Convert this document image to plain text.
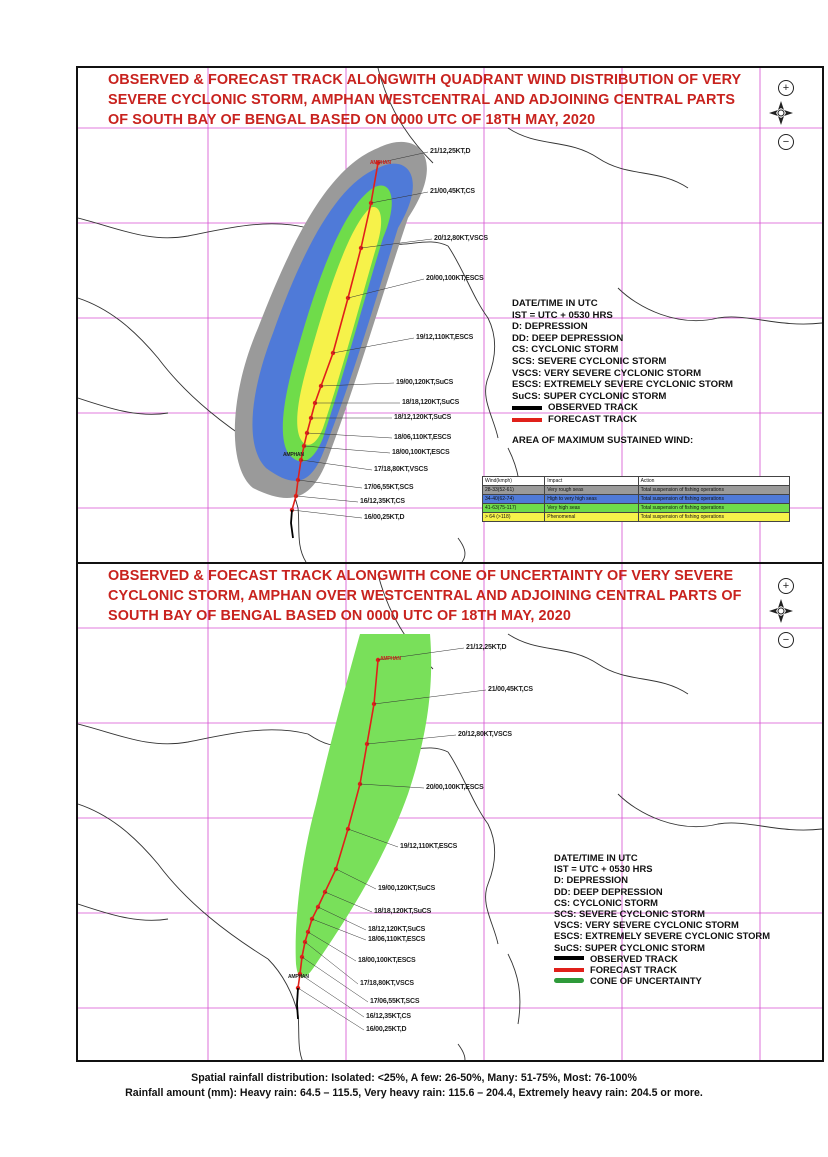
OBSERVED & FORECAST TRACK ALONGWITH QUADRANT WIND DISTRIBUTION OF VERY
SEVERE CYCLONIC STORM, AMPHAN WESTCENTRAL AND ADJOINING CENTRAL PARTS
OF SOUTH BAY OF BENGAL BASED ON 0000 UTC OF 18TH MAY, 2020
+
−
21/12,25KT,D
21/00,45KT,CS
20/12,80KT,VSCS
20/00,100KT,ESCS
19/12,110KT,ESCS
19/00,120KT,SuCS
18/18,120KT,SuCS
18/12,120KT,SuCS
18/06,110KT,ESCS
18/00,100KT,ESCS
17/18,80KT,VSCS
17/06,55KT,SCS
16/12,35KT,CS
16/00,25KT,D
AMPHAN
AMPHAN
DATE/TIME IN UTC
IST = UTC + 0530 HRS
D: DEPRESSION
DD: DEEP DEPRESSION
CS: CYCLONIC STORM
SCS: SEVERE CYCLONIC STORM
VSCS: VERY SEVERE CYCLONIC STORM
ESCS: EXTREMELY SEVERE CYCLONIC STORM
SuCS: SUPER CYCLONIC STORM
OBSERVED TRACK
FORECAST TRACK
AREA OF MAXIMUM SUSTAINED WIND:
Wind(kmph)	Impact	Action
28-33(52-61)	Very rough seas	Total suspension of fishing operations
34-40(62-74)	High to very high seas	Total suspension of fishing operations
41-63(75-117)	Very high seas	Total suspension of fishing operations
> 64 (>118)	Phenomenal	Total suspension of fishing operations
OBSERVED & FOECAST TRACK ALONGWITH CONE OF UNCERTAINTY OF VERY SEVERE
CYCLONIC STORM, AMPHAN OVER WESTCENTRAL AND ADJOINING CENTRAL PARTS OF
SOUTH BAY OF BENGAL BASED ON 0000 UTC OF 18TH MAY, 2020
+
−
21/12,25KT,D
21/00,45KT,CS
20/12,80KT,VSCS
20/00,100KT,ESCS
19/12,110KT,ESCS
19/00,120KT,SuCS
18/18,120KT,SuCS
18/12,120KT,SuCS
18/06,110KT,ESCS
18/00,100KT,ESCS
17/18,80KT,VSCS
17/06,55KT,SCS
16/12,35KT,CS
16/00,25KT,D
AMPHAN
AMPHAN
DATE/TIME IN UTC
IST = UTC + 0530 HRS
D: DEPRESSION
DD: DEEP DEPRESSION
CS: CYCLONIC STORM
SCS: SEVERE CYCLONIC STORM
VSCS: VERY SEVERE CYCLONIC STORM
ESCS: EXTREMELY SEVERE CYCLONIC STORM
SuCS: SUPER CYCLONIC STORM
OBSERVED TRACK
FORECAST TRACK
CONE OF UNCERTAINTY
Spatial rainfall distribution: Isolated: <25%, A few: 26-50%, Many: 51-75%, Most: 76-100%
Rainfall amount (mm): Heavy rain: 64.5 – 115.5, Very heavy rain: 115.6 – 204.4, Extremely heavy rain: 204.5 or more.
